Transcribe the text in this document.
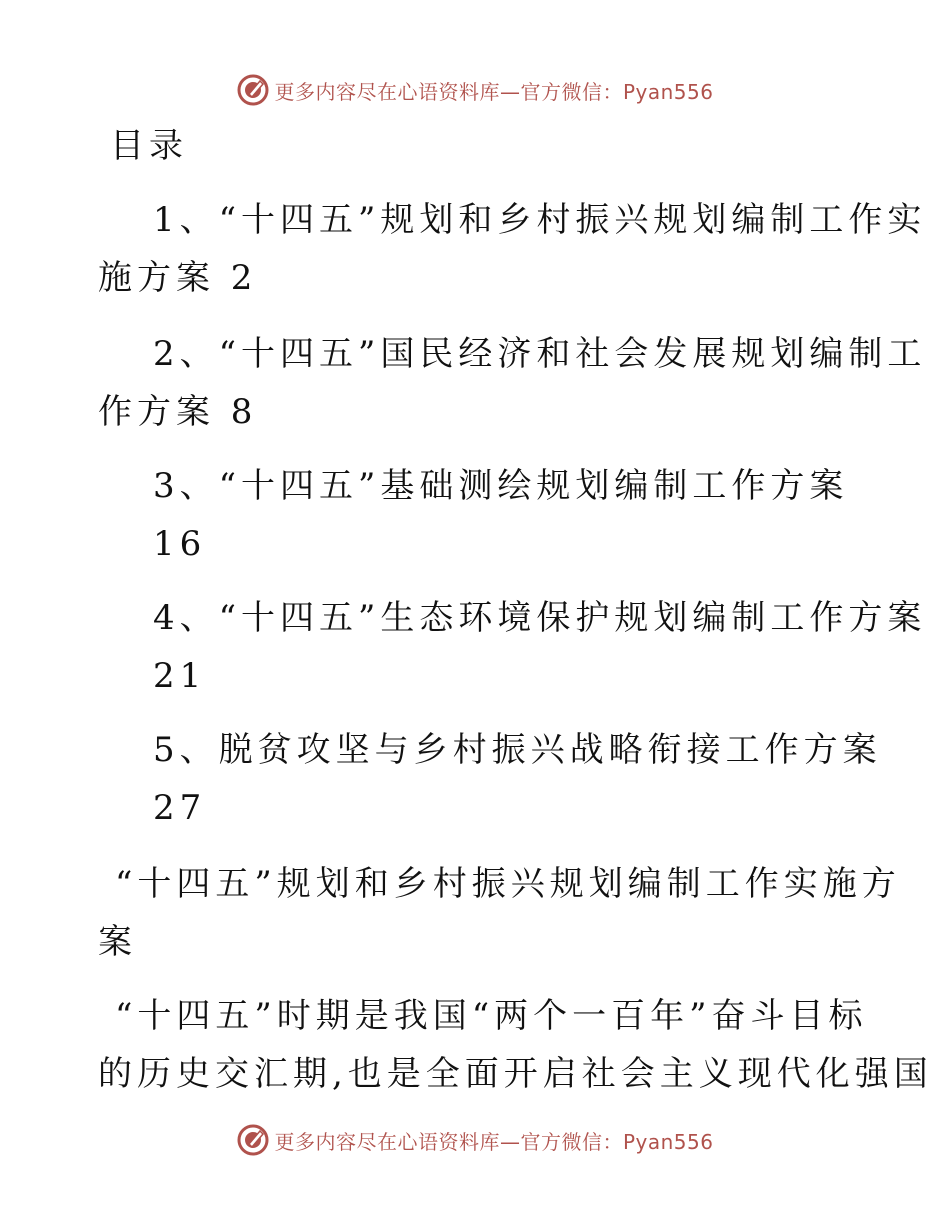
更多内容尽在心语资料库—官方微信：Pyan556
目录
1、“十四五”规划和乡村振兴规划编制工作实
施方案 2
2、“十四五”国民经济和社会发展规划编制工
作方案 8
3、“十四五”基础测绘规划编制工作方案
16
4、“十四五”生态环境保护规划编制工作方案
21
5、脱贫攻坚与乡村振兴战略衔接工作方案
27
“十四五”规划和乡村振兴规划编制工作实施方
案
“十四五”时期是我国“两个一百年”奋斗目标
的历史交汇期,也是全面开启社会主义现代化强国
更多内容尽在心语资料库—官方微信：Pyan556
